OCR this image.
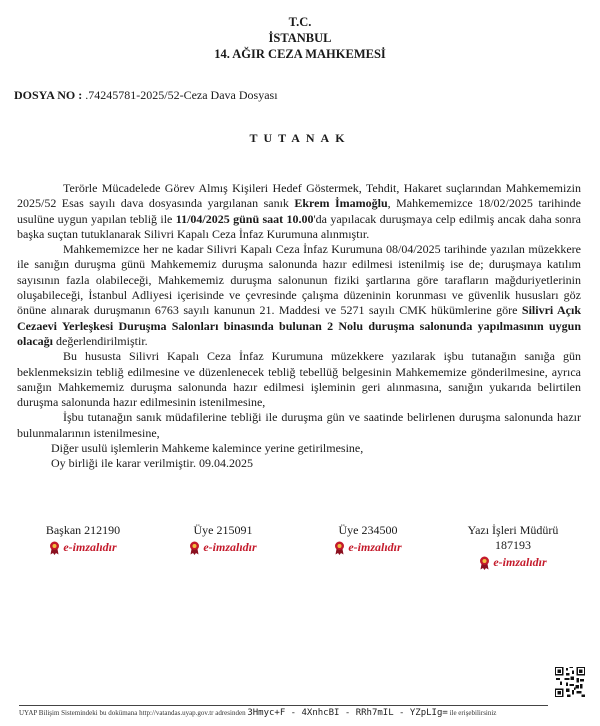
T.C.
İSTANBUL
14. AĞIR CEZA MAHKEMESİ
DOSYA NO : .74245781-2025/52-Ceza Dava Dosyası
TUTANAK

Terörle Mücadelede Görev Almış Kişileri Hedef Göstermek, Tehdit, Hakaret suçlarından Mahkememizin 2025/52 Esas sayılı dava dosyasında yargılanan sanık Ekrem İmamoğlu, Mahkememizce 18/02/2025 tarihinde usulüne uygun yapılan tebliğ ile 11/04/2025 günü saat 10.00'da yapılacak duruşmaya celp edilmiş ancak daha sonra başka suçtan tutuklanarak Silivri Kapalı Ceza İnfaz Kurumuna alınmıştır.

Mahkememizce her ne kadar Silivri Kapalı Ceza İnfaz Kurumuna 08/04/2025 tarihinde yazılan müzekkere ile sanığın duruşma günü Mahkememiz duruşma salonunda hazır edilmesi istenilmiş ise de; duruşmaya katılım sayısının fazla olabileceği, Mahkememiz duruşma salonunun fiziki şartlarına göre tarafların mağduriyetlerinin oluşabileceği, İstanbul Adliyesi içerisinde ve çevresinde çalışma düzeninin korunması ve güvenlik hususları göz önüne alınarak duruşmanın 6763 sayılı kanunun 21. Maddesi ve 5271 sayılı CMK hükümlerine göre Silivri Açık Cezaevi Yerleşkesi Duruşma Salonları binasında bulunan 2 Nolu duruşma salonunda yapılmasının uygun olacağı değerlendirilmiştir.

Bu hususta Silivri Kapalı Ceza İnfaz Kurumuna müzekkere yazılarak işbu tutanağın sanığa gün beklenmeksizin tebliğ edilmesine ve düzenlenecek tebliğ tebellüğ belgesinin Mahkememize gönderilmesine, ayrıca sanığın Mahkememiz duruşma salonunda hazır edilmesi işleminin geri alınmasına, sanığın yukarıda belirtilen duruşma salonunda hazır edilmesinin istenilmesine,

İşbu tutanağın sanık müdafilerine tebliği ile duruşma gün ve saatinde belirlenen duruşma salonunda hazır bulunmalarının istenilmesine,

Diğer usulü işlemlerin Mahkeme kalemince yerine getirilmesine,

Oy birliği ile karar verilmiştir. 09.04.2025

Başkan 212190
e-imzalıdır
Üye 215091
e-imzalıdır
Üye 234500
e-imzalıdır
Yazı İşleri Müdürü
187193
e-imzalıdır
UYAP Bilişim Sistemindeki bu dokümana http://vatandas.uyap.gov.tr adresinden 3Hmyc+F - 4XnhcBI - RRh7mIL - YZpLIg= ile erişebilirsiniz
